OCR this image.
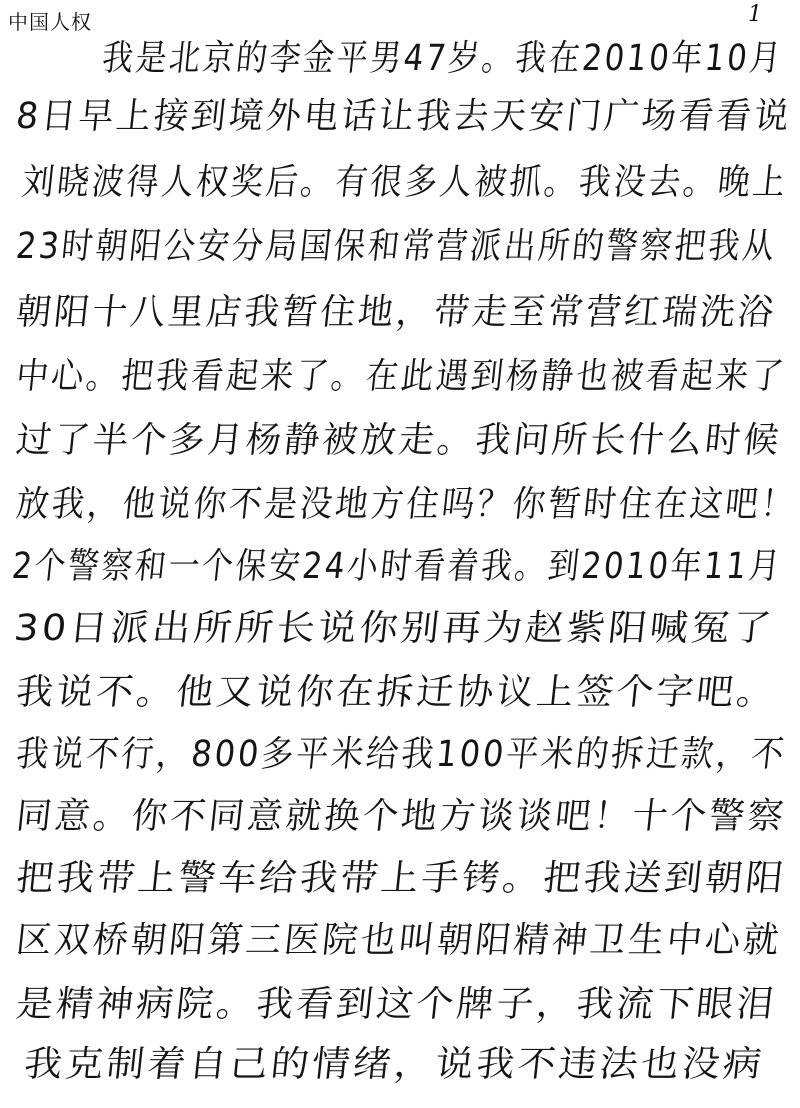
中国人权	1
我是北京的李金平男47岁。我在2010年10月
8日早上接到境外电话让我去天安门广场看看说
刘晓波得人权奖后。有很多人被抓。我没去。晚上
23时朝阳公安分局国保和常营派出所的警察把我从
朝阳十八里店我暂住地，带走至常营红瑞洗浴
中心。把我看起来了。在此遇到杨静也被看起来了
过了半个多月杨静被放走。我问所长什么时候
放我，他说你不是没地方住吗？你暂时住在这吧！
2个警察和一个保安24小时看着我。到2010年11月
30日派出所所长说你别再为赵紫阳喊冤了
我说不。他又说你在拆迁协议上签个字吧。
我说不行，800多平米给我100平米的拆迁款，不
同意。你不同意就换个地方谈谈吧！十个警察
把我带上警车给我带上手铐。把我送到朝阳
区双桥朝阳第三医院也叫朝阳精神卫生中心就
是精神病院。我看到这个牌子，我流下眼泪
我克制着自己的情绪，说我不违法也没病
